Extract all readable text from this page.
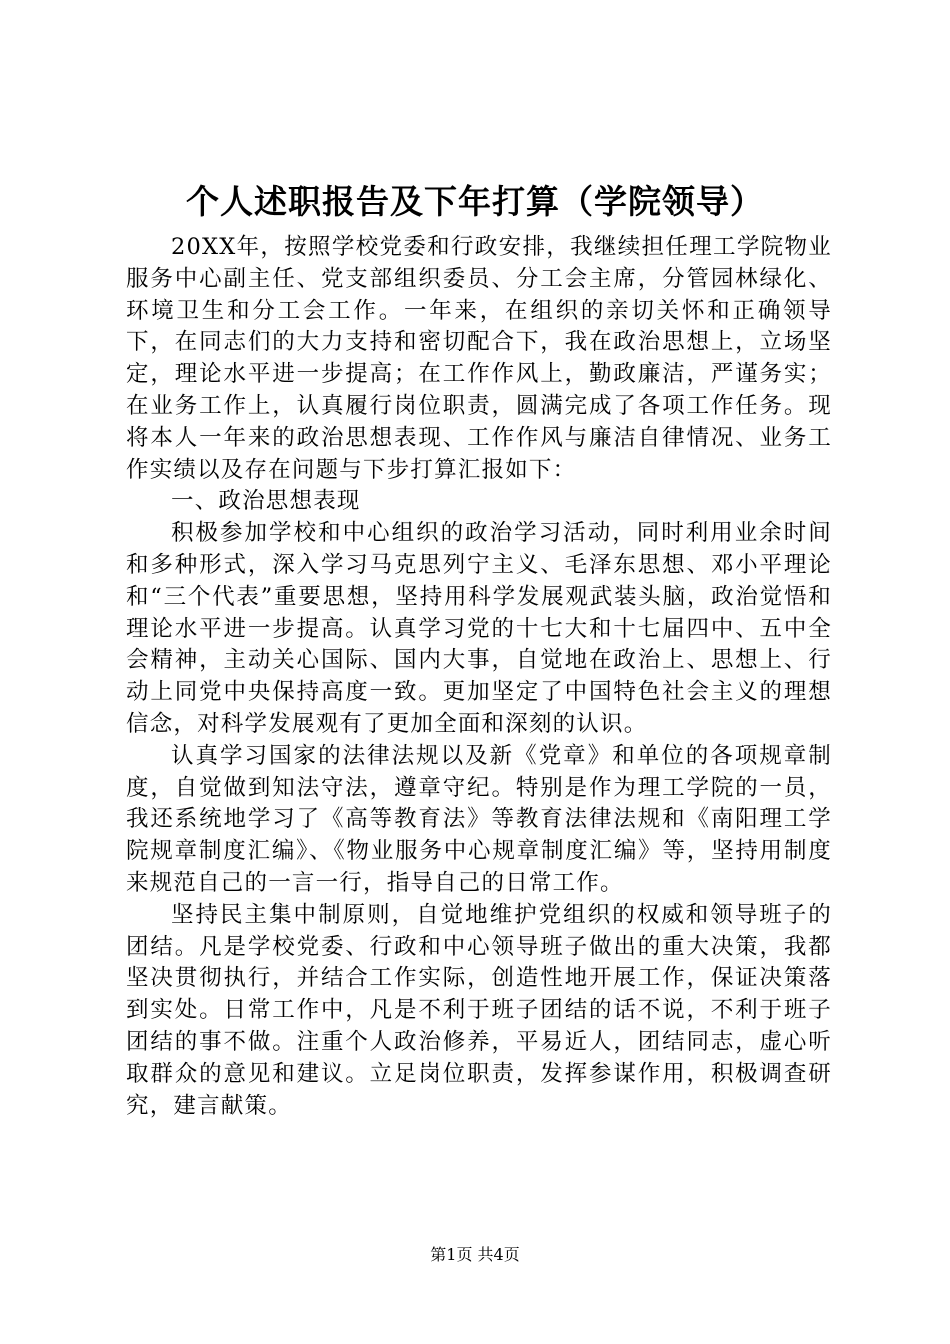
个人述职报告及下年打算（学院领导）

20XX年，按照学校党委和行政安排，我继续担任理工学院物业服务中心副主任、党支部组织委员、分工会主席，分管园林绿化、环境卫生和分工会工作。一年来，在组织的亲切关怀和正确领导下，在同志们的大力支持和密切配合下，我在政治思想上，立场坚定，理论水平进一步提高；在工作作风上，勤政廉洁，严谨务实；在业务工作上，认真履行岗位职责，圆满完成了各项工作任务。现将本人一年来的政治思想表现、工作作风与廉洁自律情况、业务工作实绩以及存在问题与下步打算汇报如下：

一、政治思想表现

积极参加学校和中心组织的政治学习活动，同时利用业余时间和多种形式，深入学习马克思列宁主义、毛泽东思想、邓小平理论和“三个代表”重要思想，坚持用科学发展观武装头脑，政治觉悟和理论水平进一步提高。认真学习党的十七大和十七届四中、五中全会精神，主动关心国际、国内大事，自觉地在政治上、思想上、行动上同党中央保持高度一致。更加坚定了中国特色社会主义的理想信念，对科学发展观有了更加全面和深刻的认识。

认真学习国家的法律法规以及新《党章》和单位的各项规章制度，自觉做到知法守法，遵章守纪。特别是作为理工学院的一员，我还系统地学习了《高等教育法》等教育法律法规和《南阳理工学院规章制度汇编》、《物业服务中心规章制度汇编》等，坚持用制度来规范自己的一言一行，指导自己的日常工作。

坚持民主集中制原则，自觉地维护党组织的权威和领导班子的团结。凡是学校党委、行政和中心领导班子做出的重大决策，我都坚决贯彻执行，并结合工作实际，创造性地开展工作，保证决策落到实处。日常工作中，凡是不利于班子团结的话不说，不利于班子团结的事不做。注重个人政治修养，平易近人，团结同志，虚心听取群众的意见和建议。立足岗位职责，发挥参谋作用，积极调查研究，建言献策。

第1页 共4页
